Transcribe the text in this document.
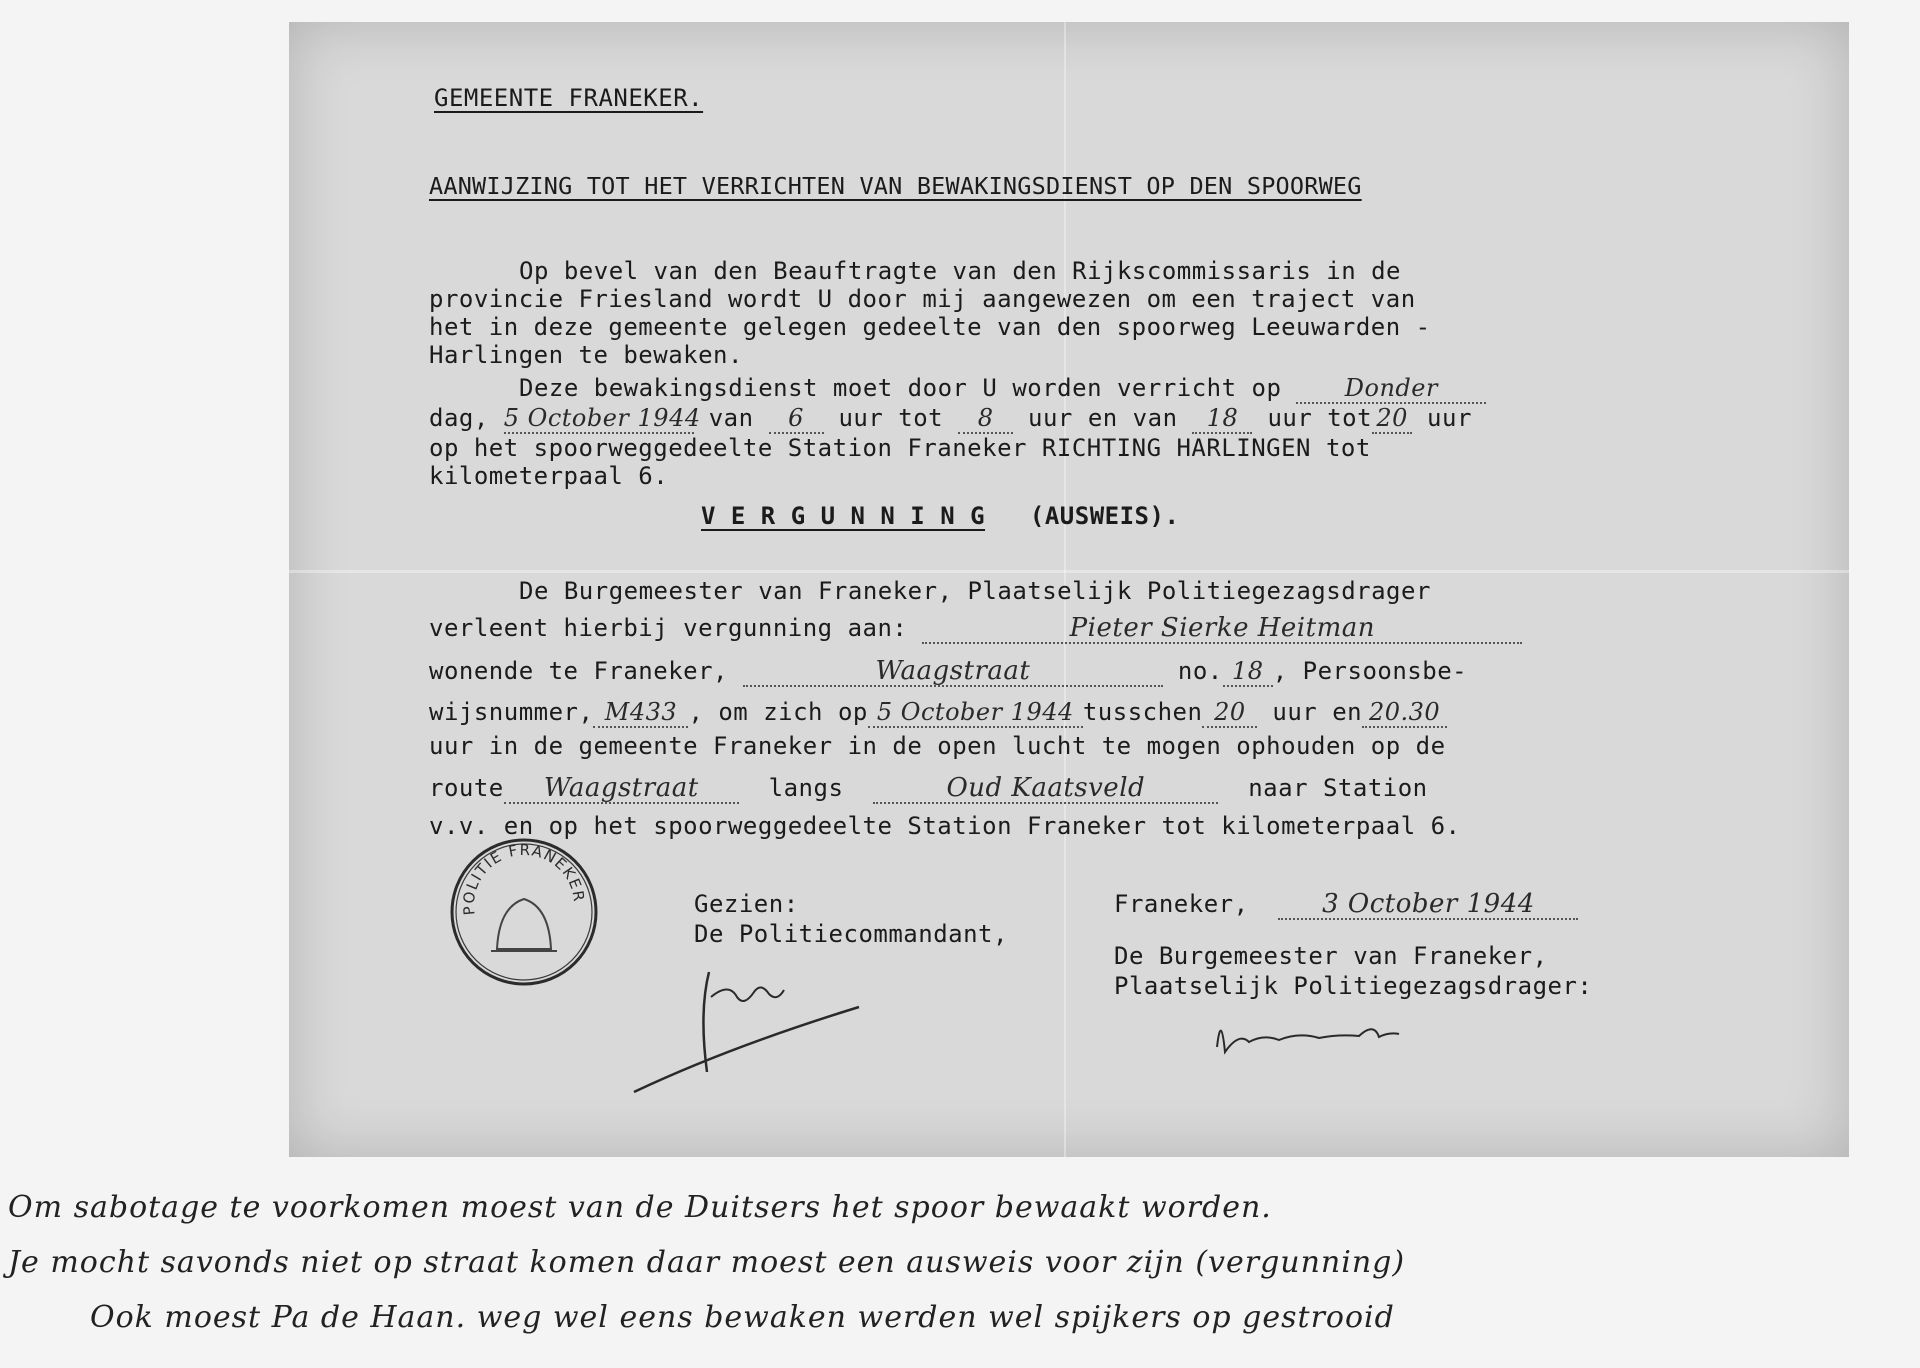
GEMEENTE FRANEKER.
AANWIJZING TOT HET VERRICHTEN VAN BEWAKINGSDIENST OP DEN SPOORWEG
Op bevel van den Beauftragte van den Rijkscommissaris in de
provincie Friesland wordt U door mij aangewezen om een traject van
het in deze gemeente gelegen gedeelte van den spoorweg Leeuwarden -
Harlingen te bewaken.
Deze bewakingsdienst moet door U worden verricht op	Donder
dag, 5 October 1944 van 6 uur tot 8 uur en van 18 uur tot 20 uur
op het spoorweggedeelte Station Franeker RICHTING HARLINGEN tot
kilometerpaal 6.
V E R G U N N I N G (AUSWEIS).
De Burgemeester van Franeker, Plaatselijk Politiegezagsdrager
verleent hierbij vergunning aan:	Pieter Sierke Heitman
wonende te Franeker,	Waagstraat	no. 18 , Persoonsbe-
wijsnummer, M433 , om zich op 5 October 1944 tusschen 20 uur en 20.30
uur in de gemeente Franeker in de open lucht te mogen ophouden op de
route Waagstraat	langs	Oud Kaatsveld	naar Station
v.v. en op het spoorweggedeelte Station Franeker tot kilometerpaal 6.
POLITIE FRANEKER	Gezien:
De Politiecommandant,
Franeker,	3 October 1944
De Burgemeester van Franeker,
Plaatselijk Politiegezagsdrager:
Om sabotage te voorkomen moest van de Duitsers het spoor bewaakt worden.
Je mocht savonds niet op straat komen daar moest een ausweis voor zijn (vergunning)
Ook moest Pa de Haan. weg wel eens bewaken werden wel spijkers op gestrooid
